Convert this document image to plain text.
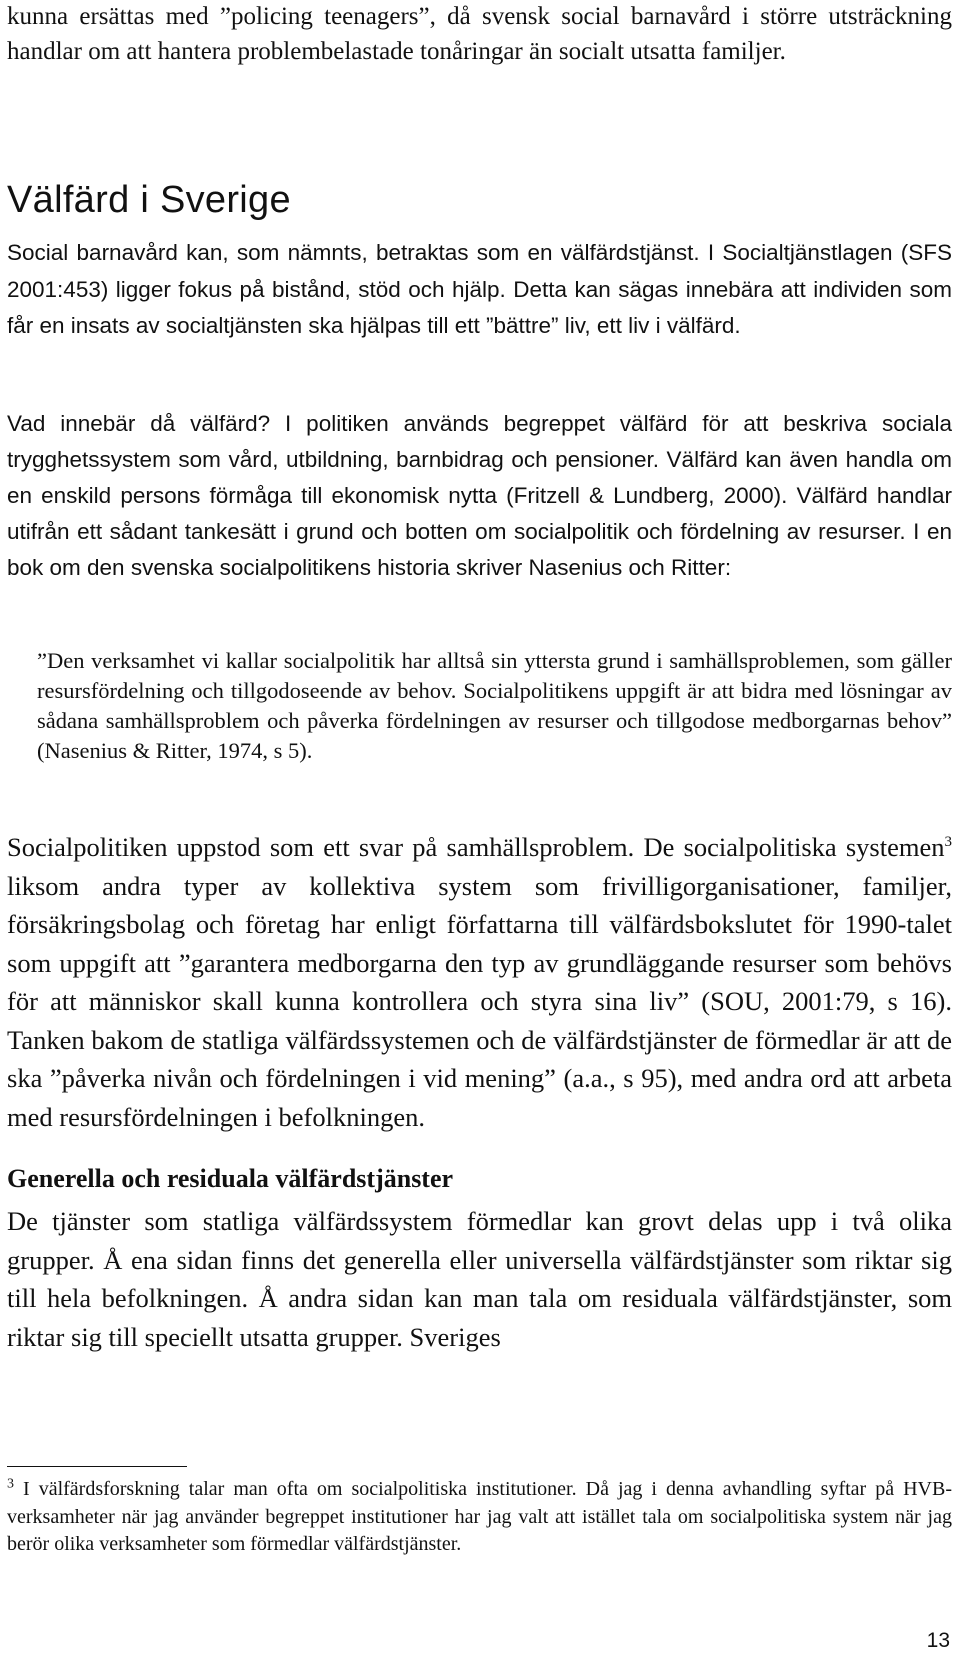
kunna ersättas med ”policing teenagers”, då svensk social barnavård i större utsträckning handlar om att hantera problembelastade tonåringar än socialt utsatta familjer.

Välfärd i Sverige

Social barnavård kan, som nämnts, betraktas som en välfärdstjänst. I Socialtjänstlagen (SFS 2001:453) ligger fokus på bistånd, stöd och hjälp. Detta kan sägas innebära att individen som får en insats av socialtjänsten ska hjälpas till ett ”bättre” liv, ett liv i välfärd.

Vad innebär då välfärd? I politiken används begreppet välfärd för att beskriva sociala trygghetssystem som vård, utbildning, barnbidrag och pensioner. Välfärd kan även handla om en enskild persons förmåga till ekonomisk nytta (Fritzell & Lundberg, 2000). Välfärd handlar utifrån ett sådant tankesätt i grund och botten om socialpolitik och fördelning av resurser. I en bok om den svenska socialpolitikens historia skriver Nasenius och Ritter:

”Den verksamhet vi kallar socialpolitik har alltså sin yttersta grund i samhällsproblemen, som gäller resursfördelning och tillgodoseende av behov. Socialpolitikens uppgift är att bidra med lösningar av sådana samhällsproblem och påverka fördelningen av resurser och tillgodose medborgarnas behov” (Nasenius & Ritter, 1974, s 5).

Socialpolitiken uppstod som ett svar på samhällsproblem. De socialpolitiska systemen$^3$ liksom andra typer av kollektiva system som frivilligorganisationer, familjer, försäkringsbolag och företag har enligt författarna till välfärdsbokslutet för 1990-talet som uppgift att ”garantera medborgarna den typ av grundläggande resurser som behövs för att människor skall kunna kontrollera och styra sina liv” (SOU, 2001:79, s 16). Tanken bakom de statliga välfärdssystemen och de välfärdstjänster de förmedlar är att de ska ”påverka nivån och fördelningen i vid mening” (a.a., s 95), med andra ord att arbeta med resursfördelningen i befolkningen.

Generella och residuala välfärdstjänster

De tjänster som statliga välfärdssystem förmedlar kan grovt delas upp i två olika grupper. Å ena sidan finns det generella eller universella välfärdstjänster som riktar sig till hela befolkningen. Å andra sidan kan man tala om residuala välfärdstjänster, som riktar sig till speciellt utsatta grupper. Sveriges

$^3$ I välfärdsforskning talar man ofta om socialpolitiska institutioner. Då jag i denna avhandling syftar på HVB-verksamheter när jag använder begreppet institutioner har jag valt att istället tala om socialpolitiska system när jag berör olika verksamheter som förmedlar välfärdstjänster.

13
